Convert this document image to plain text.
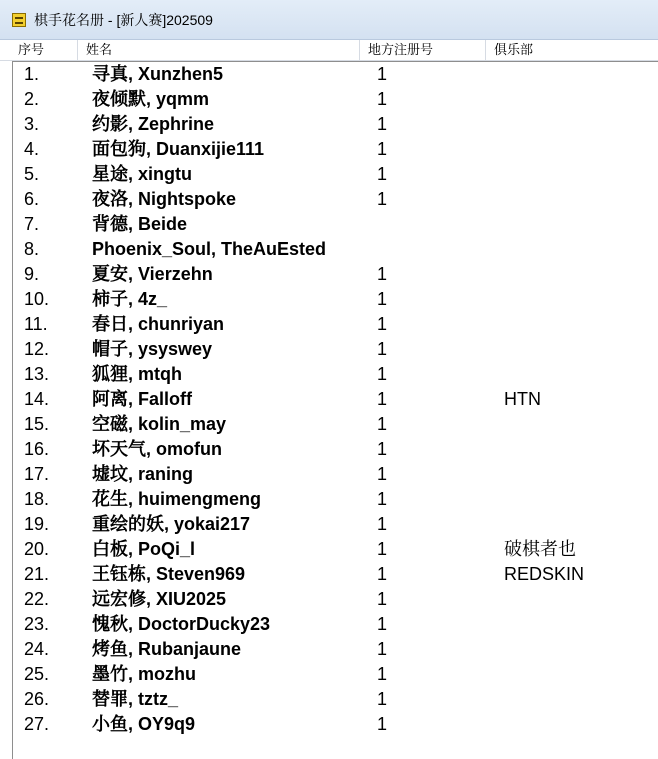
棋手花名册 - [新人赛]202509
序号	姓名	地方注册号	俱乐部
1.	寻真, Xunzhen5	1
2.	夜倾默, yqmm	1
3.	约影, Zephrine	1
4.	面包狗, Duanxijie111	1
5.	星途, xingtu	1
6.	夜洛, Nightspoke	1
7.	背德, Beide
8.	Phoenix_Soul, TheAuEsted
9.	夏安, Vierzehn	1
10.	柿子, 4z_	1
11.	春日, chunriyan	1
12.	帽子, ysyswey	1
13.	狐狸, mtqh	1
14.	阿离, Falloff	1	HTN
15.	空磁, kolin_may	1
16.	坏天气, omofun	1
17.	墟坟, raning	1
18.	花生, huimengmeng	1
19.	重绘的妖, yokai217	1
20.	白板, PoQi_l	1	破棋者也
21.	王钰栋, Steven969	1	REDSKIN
22.	远宏修, XIU2025	1
23.	愧秋, DoctorDucky23	1
24.	烤鱼, Rubanjaune	1
25.	墨竹, mozhu	1
26.	替罪, tztz_	1
27.	小鱼, OY9q9	1
